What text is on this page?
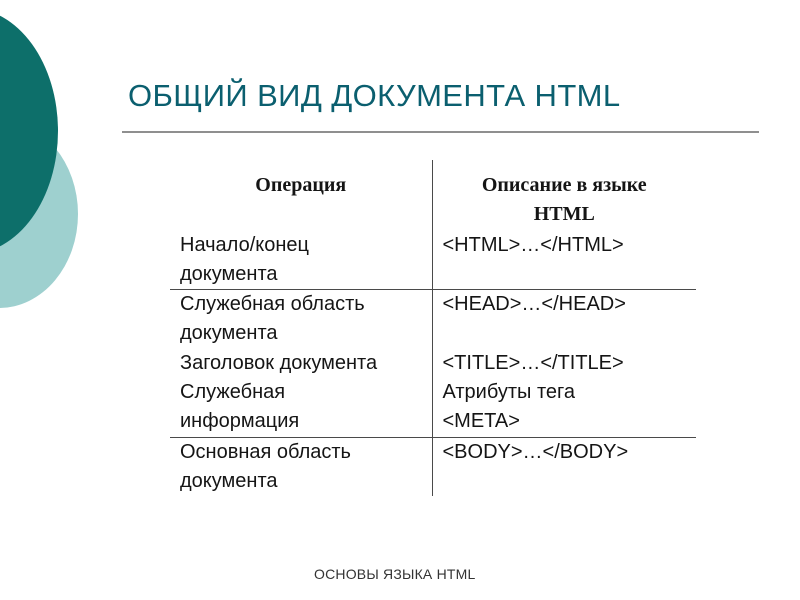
ОБЩИЙ ВИД ДОКУМЕНТА HTML
Операция	Описание в языке
HTML

Начало/конец
документа	<HTML>…</HTML>

Служебная область
документа	<HEAD>…</HEAD>

Заголовок документа	<TITLE>…</TITLE>

Служебная
информация	Атрибуты тега
<META>

Основная область
документа	<BODY>…</BODY>
ОСНОВЫ ЯЗЫКА HTML
